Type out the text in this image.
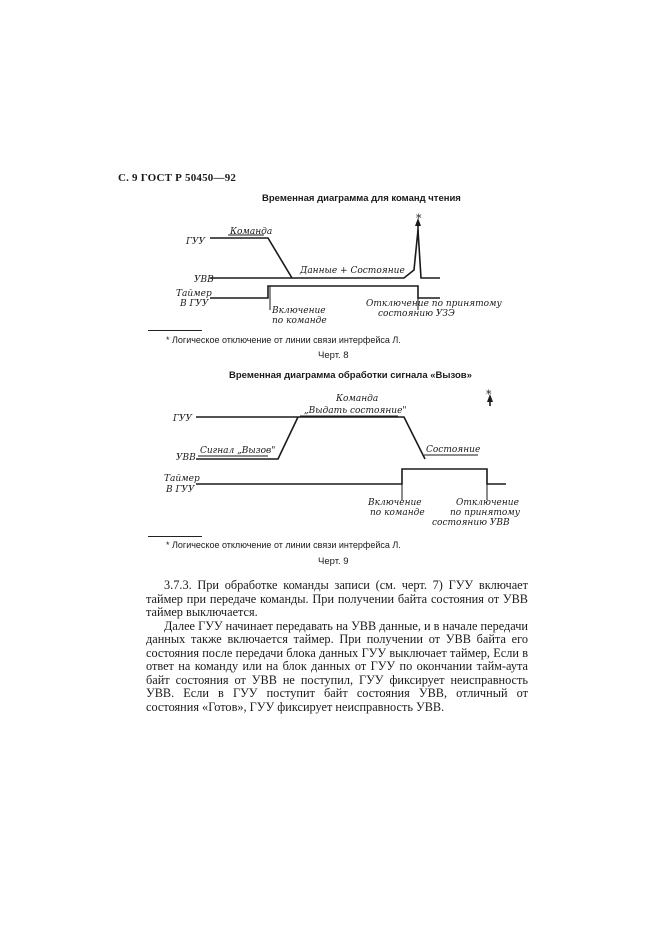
С. 9 ГОСТ Р 50450—92
Временная диаграмма для команд чтения
*
ГУУ
Команда
УВВ
Данные + Состояние
Таймер
В ГУУ
Включение
по команде
Отключение по принятому
состоянию УЗЭ
* Логическое отключение от линии связи интерфейса Л.
Черт. 8
Временная диаграмма обработки сигнала «Вызов»
*
ГУУ
Команда
„Выдать состояние"
УВВ
Сигнал „Вызов"	Состояние
Таймер
В ГУУ
Включение
по команде
Отключение
по принятому
состоянию УВВ
* Логическое отключение от линии связи интерфейса Л.
Черт. 9

3.7.3. При обработке команды записи (см. черт. 7) ГУУ включает таймер при передаче команды. При получении байта состояния от УВВ таймер выключается.

Далее ГУУ начинает передавать на УВВ данные, и в начале передачи данных также включается таймер. При получении от УВВ байта его состояния после передачи блока данных ГУУ выключает таймер, Если в ответ на команду или на блок данных от ГУУ по окончании тайм-аута байт состояния от УВВ не поступил, ГУУ фиксирует неисправность УВВ. Если в ГУУ поступит байт состояния УВВ, отличный от состояния «Готов», ГУУ фиксирует неисправность УВВ.
